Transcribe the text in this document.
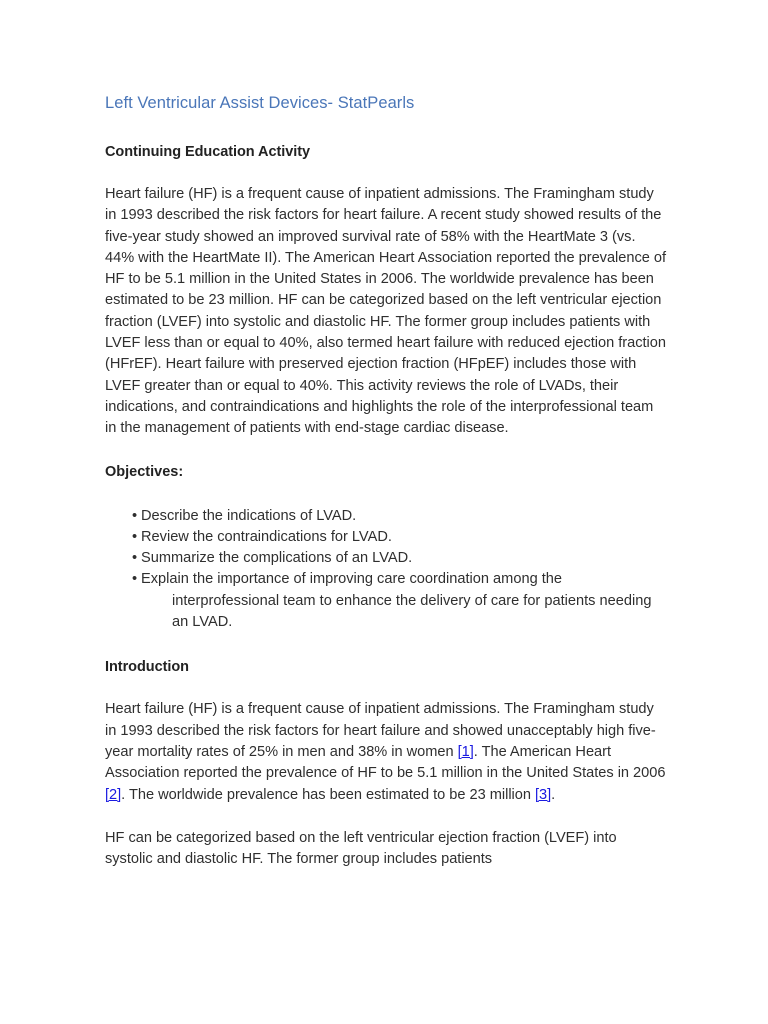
Left Ventricular Assist Devices- StatPearls
Continuing Education Activity

Heart failure (HF) is a frequent cause of inpatient admissions. The Framingham study in 1993 described the risk factors for heart failure. A recent study showed results of the five-year study showed an improved survival rate of 58% with the HeartMate 3 (vs. 44% with the HeartMate II). The American Heart Association reported the prevalence of HF to be 5.1 million in the United States in 2006. The worldwide prevalence has been estimated to be 23 million. HF can be categorized based on the left ventricular ejection fraction (LVEF) into systolic and diastolic HF. The former group includes patients with LVEF less than or equal to 40%, also termed heart failure with reduced ejection fraction (HFrEF). Heart failure with preserved ejection fraction (HFpEF) includes those with LVEF greater than or equal to 40%. This activity reviews the role of LVADs, their indications, and contraindications and highlights the role of the interprofessional team in the management of patients with end-stage cardiac disease.

Objectives:
• Describe the indications of LVAD.
• Review the contraindications for LVAD.
• Summarize the complications of an LVAD.
• Explain the importance of improving care coordination among the interprofessional team to enhance the delivery of care for patients needing an LVAD.
Introduction

Heart failure (HF) is a frequent cause of inpatient admissions. The Framingham study in 1993 described the risk factors for heart failure and showed unacceptably high five-year mortality rates of 25% in men and 38% in women [1]. The American Heart Association reported the prevalence of HF to be 5.1 million in the United States in 2006 [2]. The worldwide prevalence has been estimated to be 23 million [3].

HF can be categorized based on the left ventricular ejection fraction (LVEF) into systolic and diastolic HF. The former group includes patients
